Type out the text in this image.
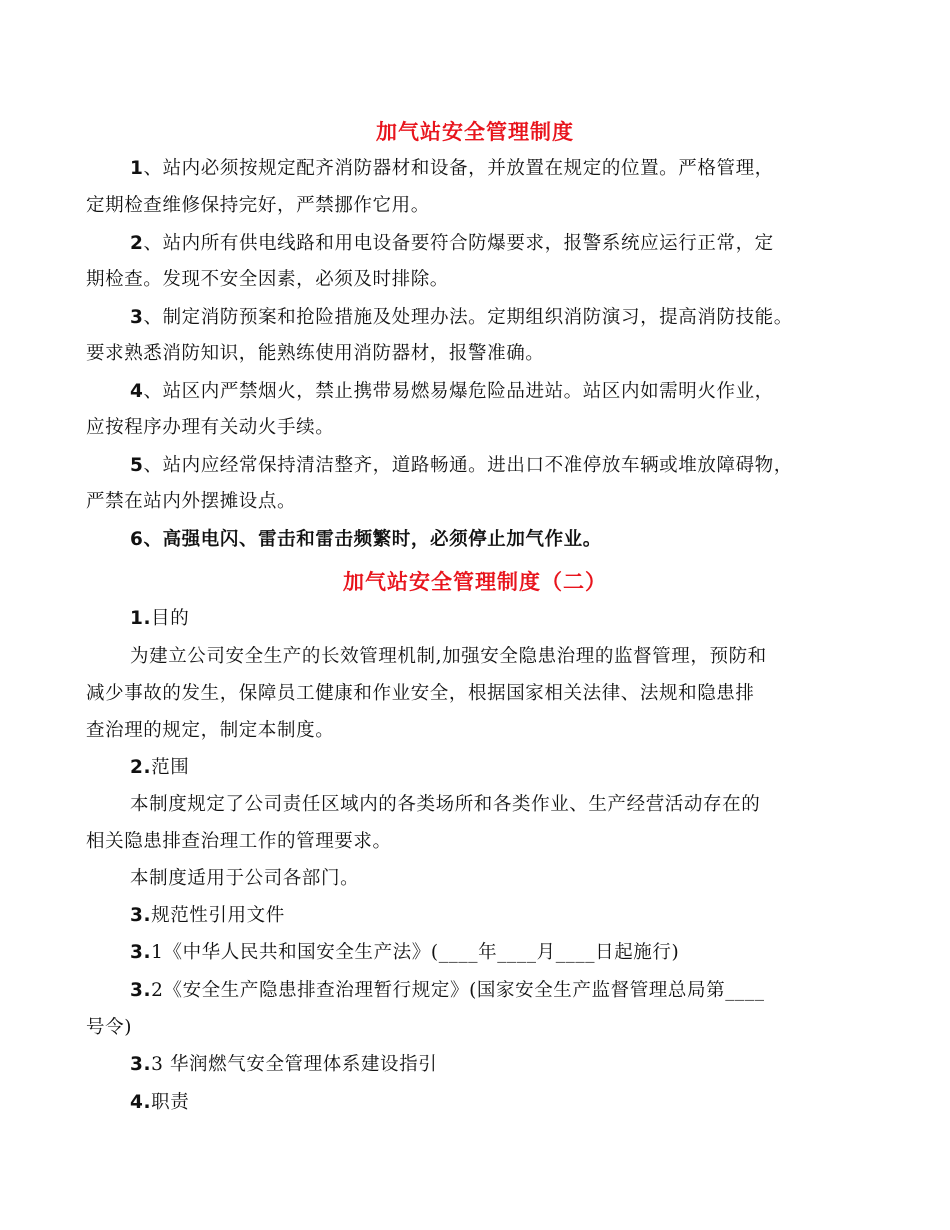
加气站安全管理制度
1、站内必须按规定配齐消防器材和设备，并放置在规定的位置。严格管理，
定期检查维修保持完好，严禁挪作它用。
2、站内所有供电线路和用电设备要符合防爆要求，报警系统应运行正常，定
期检查。发现不安全因素，必须及时排除。
3、制定消防预案和抢险措施及处理办法。定期组织消防演习，提高消防技能。
要求熟悉消防知识，能熟练使用消防器材，报警准确。
4、站区内严禁烟火，禁止携带易燃易爆危险品进站。站区内如需明火作业，
应按程序办理有关动火手续。
5、站内应经常保持清洁整齐，道路畅通。进出口不准停放车辆或堆放障碍物，
严禁在站内外摆摊设点。
6、高强电闪、雷击和雷击频繁时，必须停止加气作业。
加气站安全管理制度（二）
1.目的
为建立公司安全生产的长效管理机制,加强安全隐患治理的监督管理，预防和
减少事故的发生，保障员工健康和作业安全，根据国家相关法律、法规和隐患排
查治理的规定，制定本制度。
2.范围
本制度规定了公司责任区域内的各类场所和各类作业、生产经营活动存在的
相关隐患排查治理工作的管理要求。
本制度适用于公司各部门。
3.规范性引用文件
3.1《中华人民共和国安全生产法》(____年____月____日起施行)
3.2《安全生产隐患排查治理暂行规定》(国家安全生产监督管理总局第____
号令)
3.3 华润燃气安全管理体系建设指引
4.职责
